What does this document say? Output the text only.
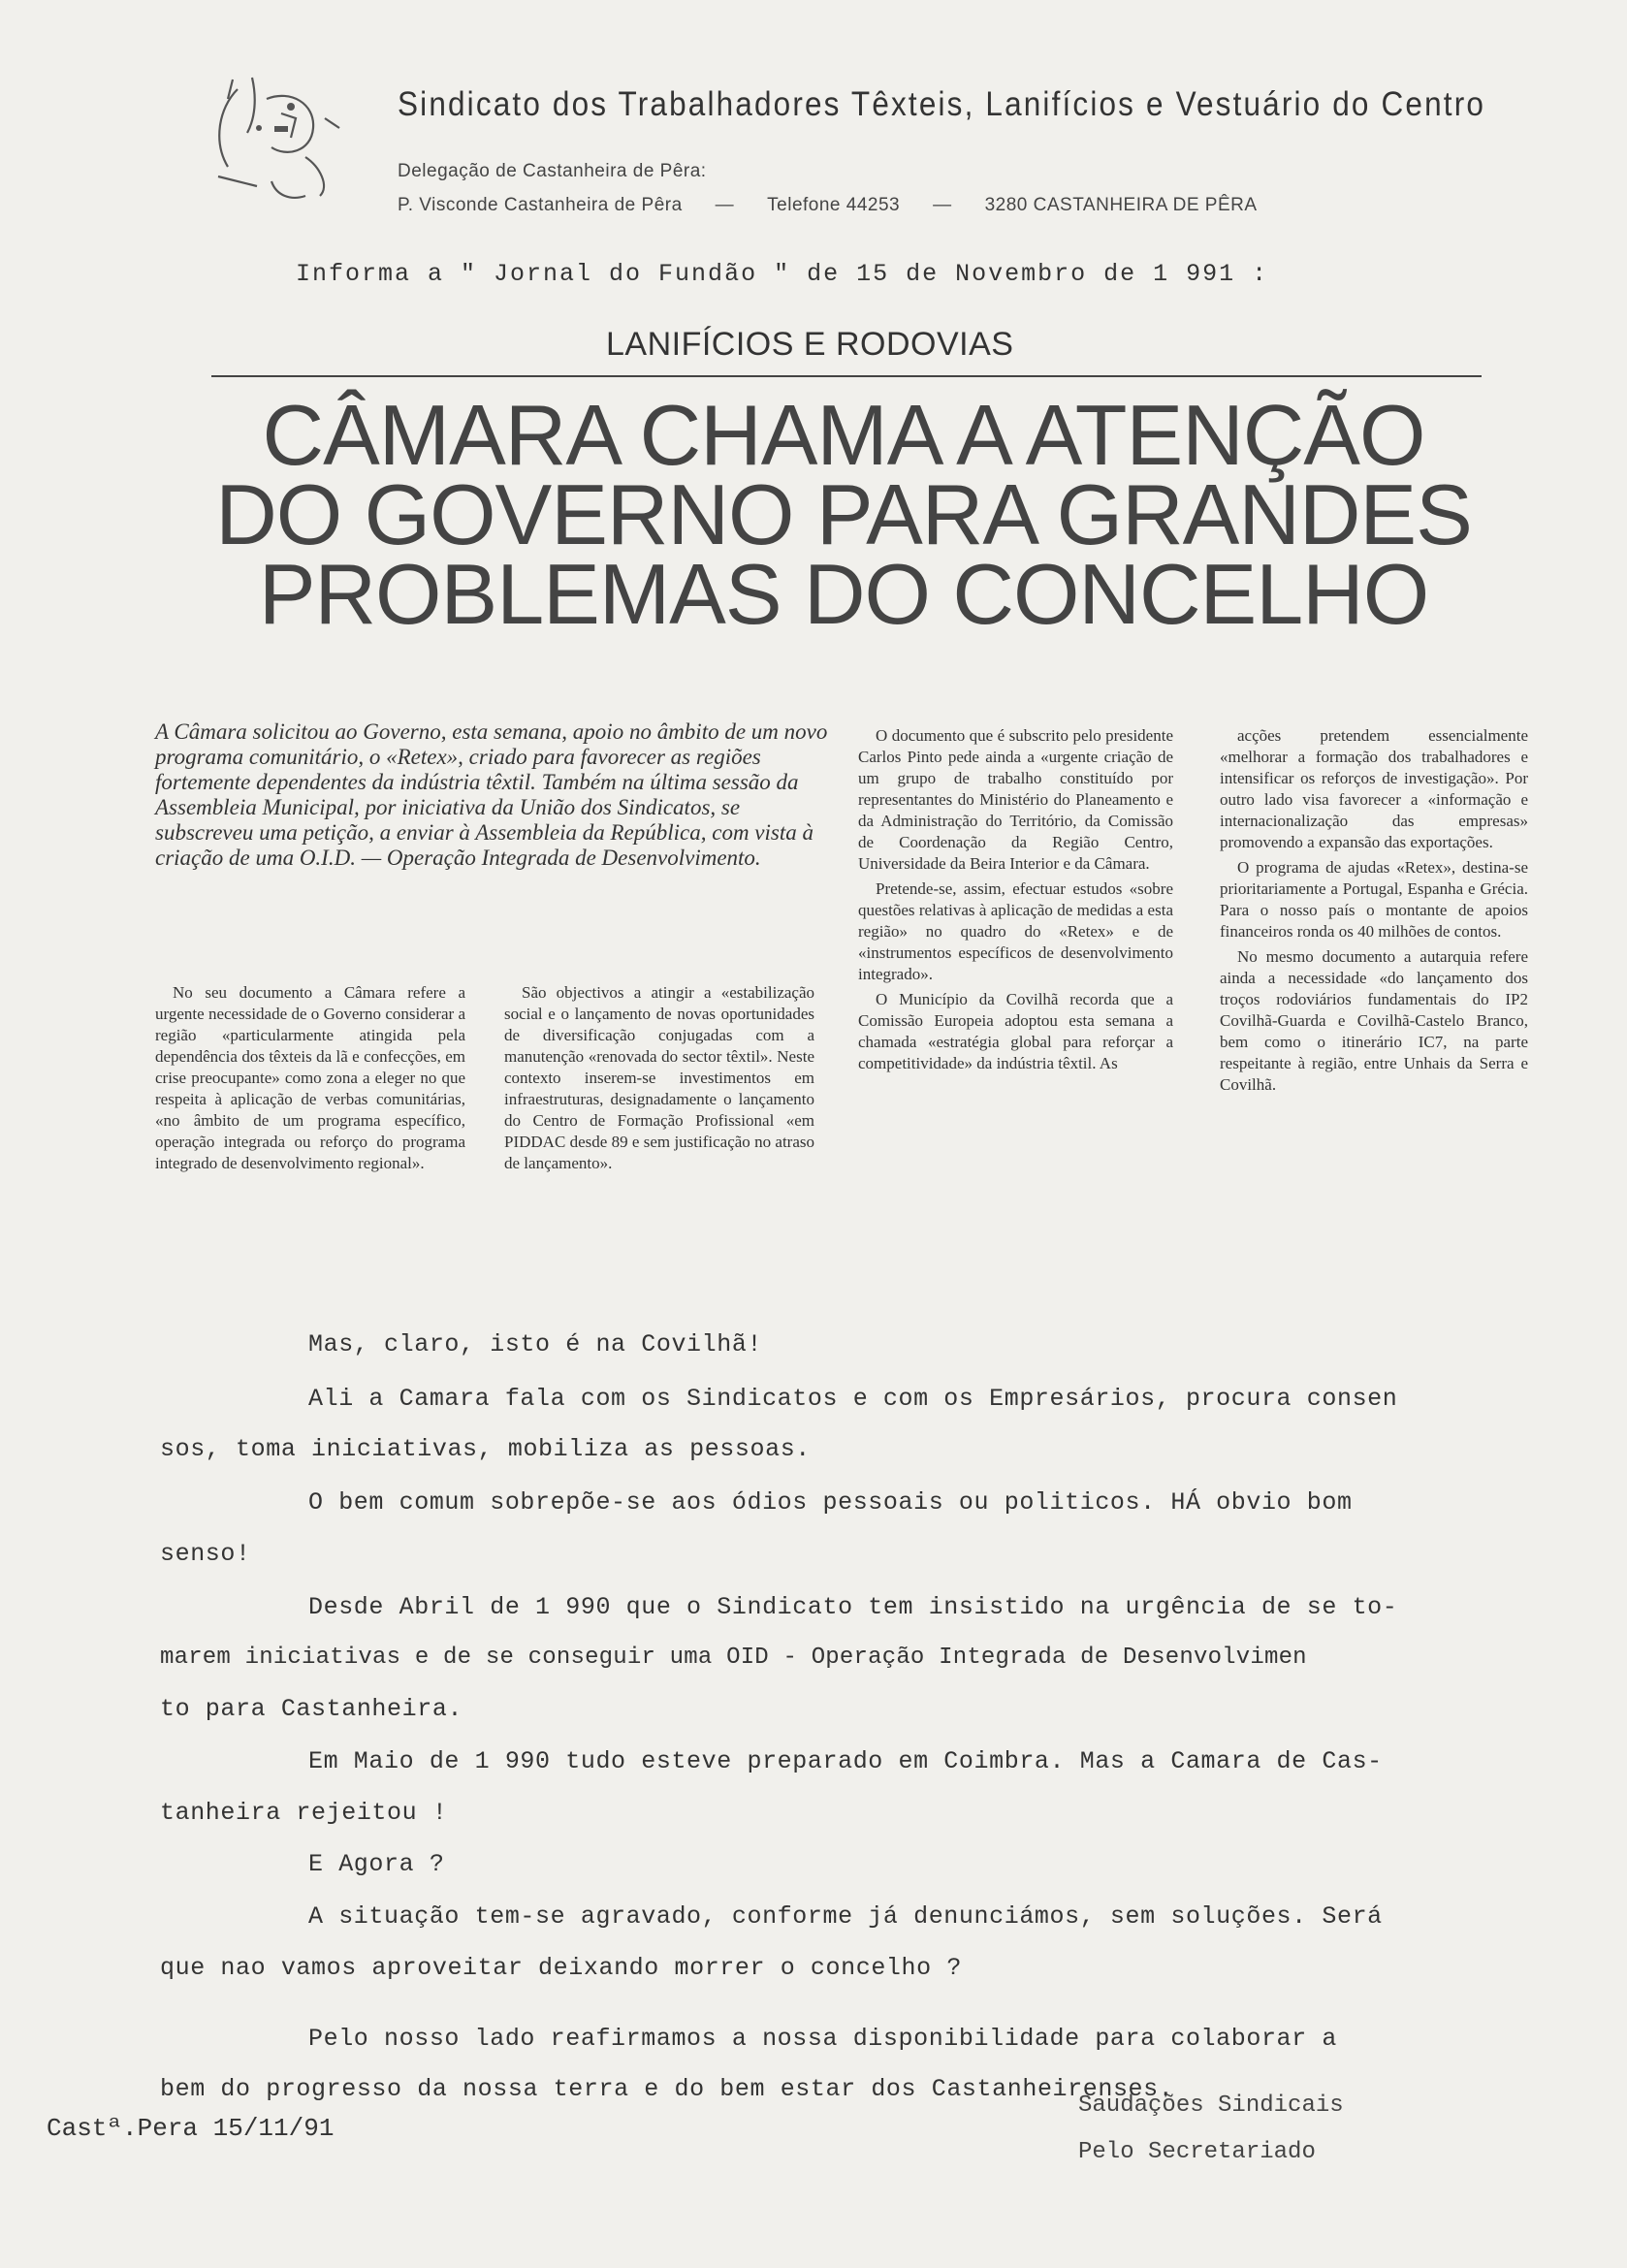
Sindicato dos Trabalhadores Têxteis, Lanifícios e Vestuário do Centro
Delegação de Castanheira de Pêra:
P. Visconde Castanheira de Pêra — Telefone 44253 — 3280 CASTANHEIRA DE PÊRA
Informa a " Jornal do Fundão " de 15 de Novembro de 1 991 :
LANIFÍCIOS E RODOVIAS
CÂMARA CHAMA A ATENÇÃO
DO GOVERNO PARA GRANDES
PROBLEMAS DO CONCELHO
A Câmara solicitou ao Governo, esta semana, apoio no âmbito de um novo programa comunitário, o «Retex», criado para favorecer as regiões fortemente dependentes da indústria têxtil. Também na última sessão da Assembleia Municipal, por iniciativa da União dos Sindicatos, se subscreveu uma petição, a enviar à Assembleia da República, com vista à criação de uma O.I.D. — Operação Integrada de Desenvolvimento.

No seu documento a Câmara refere a urgente necessidade de o Governo considerar a região «particularmente atingida pela dependência dos têxteis da lã e confecções, em crise preocupante» como zona a eleger no que respeita à aplicação de verbas comunitárias, «no âmbito de um programa específico, operação integrada ou reforço do programa integrado de desenvolvimento regional».

São objectivos a atingir a «estabilização social e o lançamento de novas oportunidades de diversificação conjugadas com a manutenção «renovada do sector têxtil». Neste contexto inserem-se investimentos em infraestruturas, designadamente o lançamento do Centro de Formação Profissional «em PIDDAC desde 89 e sem justificação no atraso de lançamento».

O documento que é subscrito pelo presidente Carlos Pinto pede ainda a «urgente criação de um grupo de trabalho constituído por representantes do Ministério do Planeamento e da Administração do Território, da Comissão de Coordenação da Região Centro, Universidade da Beira Interior e da Câmara.

Pretende-se, assim, efectuar estudos «sobre questões relativas à aplicação de medidas a esta região» no quadro do «Retex» e de «instrumentos específicos de desenvolvimento integrado».

O Município da Covilhã recorda que a Comissão Europeia adoptou esta semana a chamada «estratégia global para reforçar a competitividade» da indústria têxtil. As

acções pretendem essencialmente «melhorar a formação dos trabalhadores e intensificar os reforços de investigação». Por outro lado visa favorecer a «informação e internacionalização das empresas» promovendo a expansão das exportações.

O programa de ajudas «Retex», destina-se prioritariamente a Portugal, Espanha e Grécia. Para o nosso país o montante de apoios financeiros ronda os 40 milhões de contos.

No mesmo documento a autarquia refere ainda a necessidade «do lançamento dos troços rodoviários fundamentais do IP2 Covilhã-Guarda e Covilhã-Castelo Branco, bem como o itinerário IC7, na parte respeitante à região, entre Unhais da Serra e Covilhã.

Mas, claro, isto é na Covilhã!
Ali a Camara fala com os Sindicatos e com os Empresários, procura consen
sos, toma iniciativas, mobiliza as pessoas.
O bem comum sobrepõe-se aos ódios pessoais ou politicos. HÁ obvio bom
senso!
Desde Abril de 1 990 que o Sindicato tem insistido na urgência de se to-
marem iniciativas e de se conseguir uma OID - Operação Integrada de Desenvolvimen
to para Castanheira.
Em Maio de 1 990 tudo esteve preparado em Coimbra. Mas a Camara de Cas-
tanheira rejeitou !
E Agora ?
A situação tem-se agravado, conforme já denunciámos, sem soluções. Será
que nao vamos aproveitar deixando morrer o concelho ?
Pelo nosso lado reafirmamos a nossa disponibilidade para colaborar a
bem do progresso da nossa terra e do bem estar dos Castanheirenses.
Castª.Pera 15/11/91
Saudações Sindicais
Pelo Secretariado
